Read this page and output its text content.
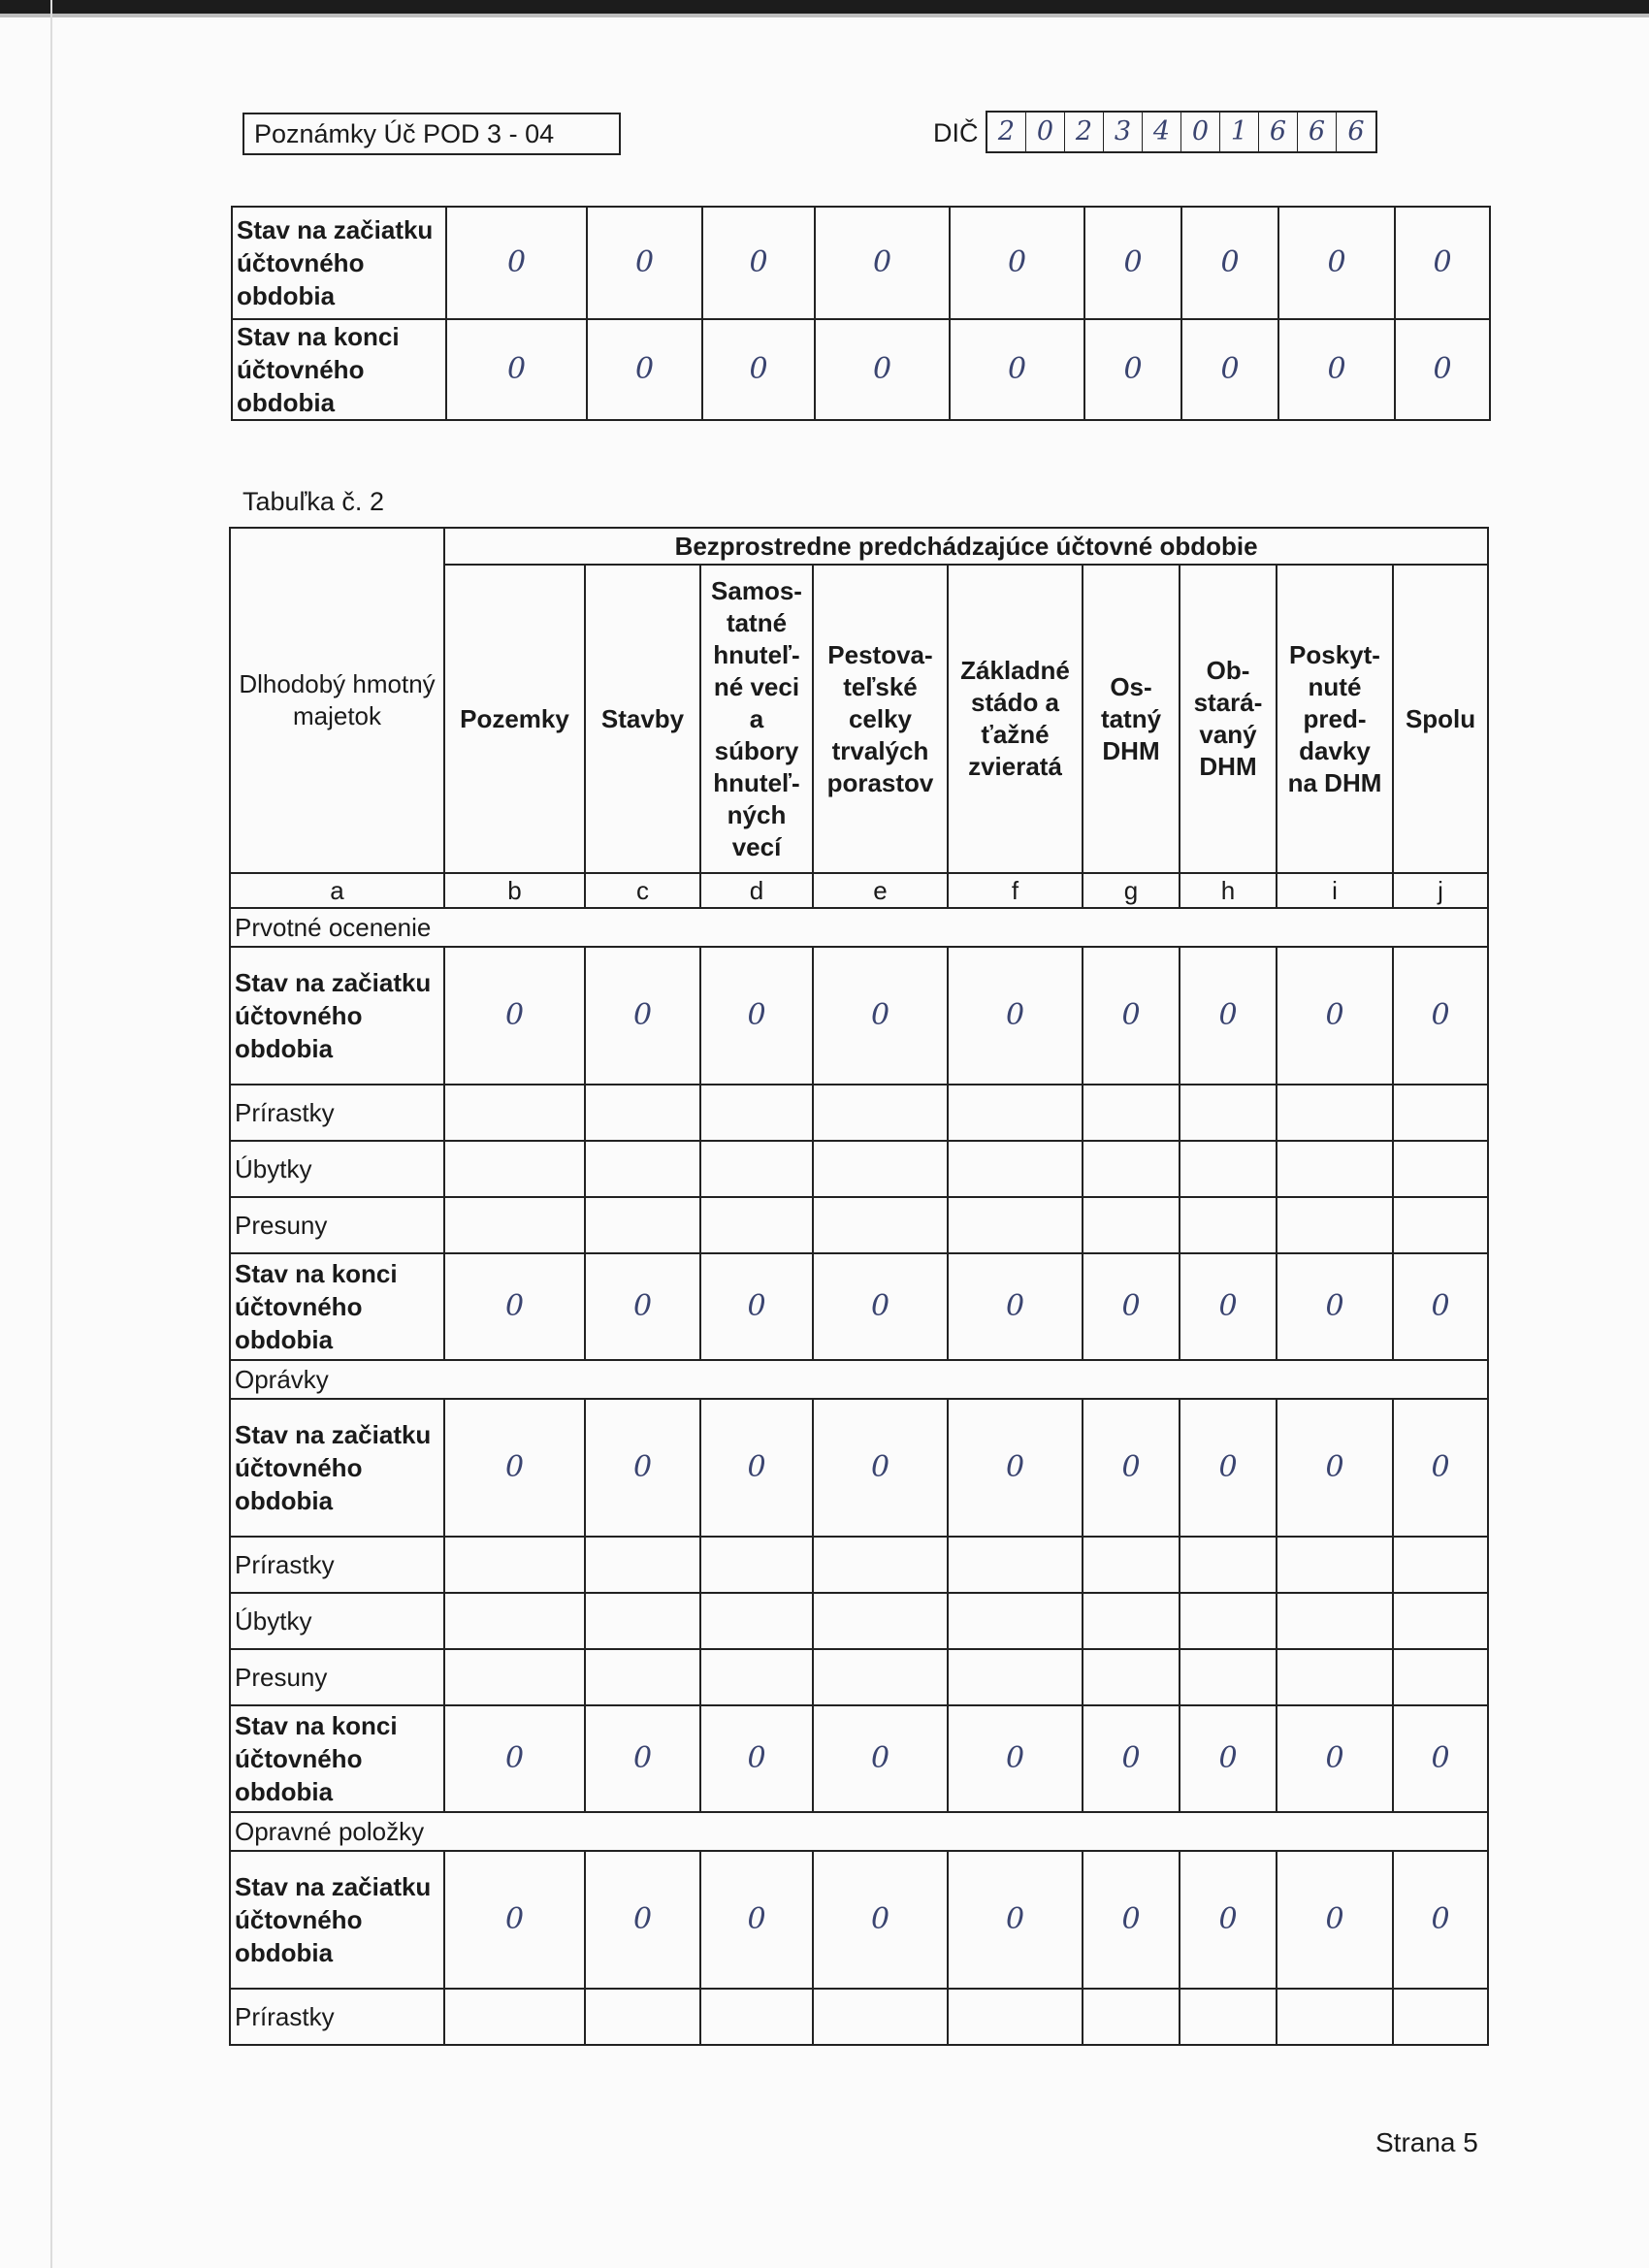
Poznámky Úč POD 3 - 04	DIČ 2 0 2 3 4 0 1 6 6 6
Stav na začiatku účtovného obdobia	0	0	0	0	0	0	0	0	0
Stav na konci účtovného obdobia	0	0	0	0	0	0	0	0	0
Tabuľka č. 2
Dlhodobý hmotný majetok	Bezprostredne predchádzajúce účtovné obdobie								
	Pozemky	Stavby	Samos- tatné hnuteľ- né veci a súbory hnuteľ- ných vecí	Pestova- teľské celky trvalých porastov	Základné stádo a ťažné zvieratá	Os- tatný DHM	Ob- stará- vaný DHM	Poskyt- nuté pred- davky na DHM	Spolu
a	b	c	d	e	f	g	h	i	j
Prvotné ocenenie									
Stav na začiatku účtovného obdobia	0	0	0	0	0	0	0	0	0
Prírastky									
Úbytky									
Presuny									
Stav na konci účtovného obdobia	0	0	0	0	0	0	0	0	0
Oprávky									
Stav na začiatku účtovného obdobia	0	0	0	0	0	0	0	0	0
Prírastky									
Úbytky									
Presuny									
Stav na konci účtovného obdobia	0	0	0	0	0	0	0	0	0
Opravné položky									
Stav na začiatku účtovného obdobia	0	0	0	0	0	0	0	0	0
Prírastky									
Strana 5
